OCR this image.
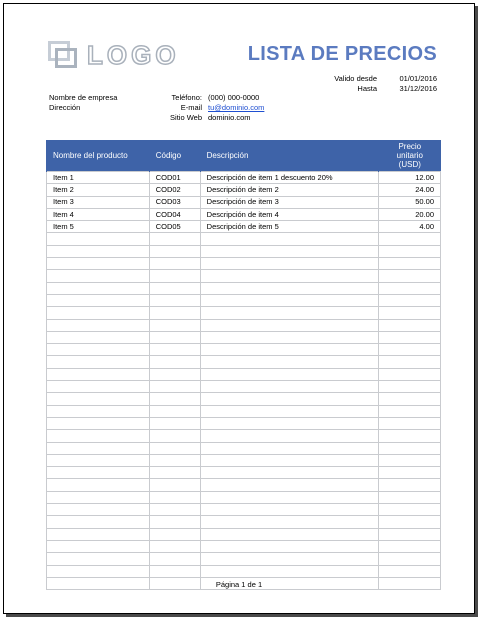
LOGO	LISTA DE PRECIOS
Valido desde	01/01/2016
Hasta	31/12/2016
Nombre de empresa
Dirección
Teléfono: (000) 000-0000
E-mail tu@dominio.com
Sitio Web dominio.com
Nombre del producto	Código	Descripción	Precio unitario (USD)
Item 1	COD01	Descripción de item 1 descuento 20%	12.00
Item 2	COD02	Descripción de item 2	24.00
Item 3	COD03	Descripción de item 3	50.00
Item 4	COD04	Descripción de item 4	20.00
Item 5	COD05	Descripción de item 5	4.00

Página 1 de 1
